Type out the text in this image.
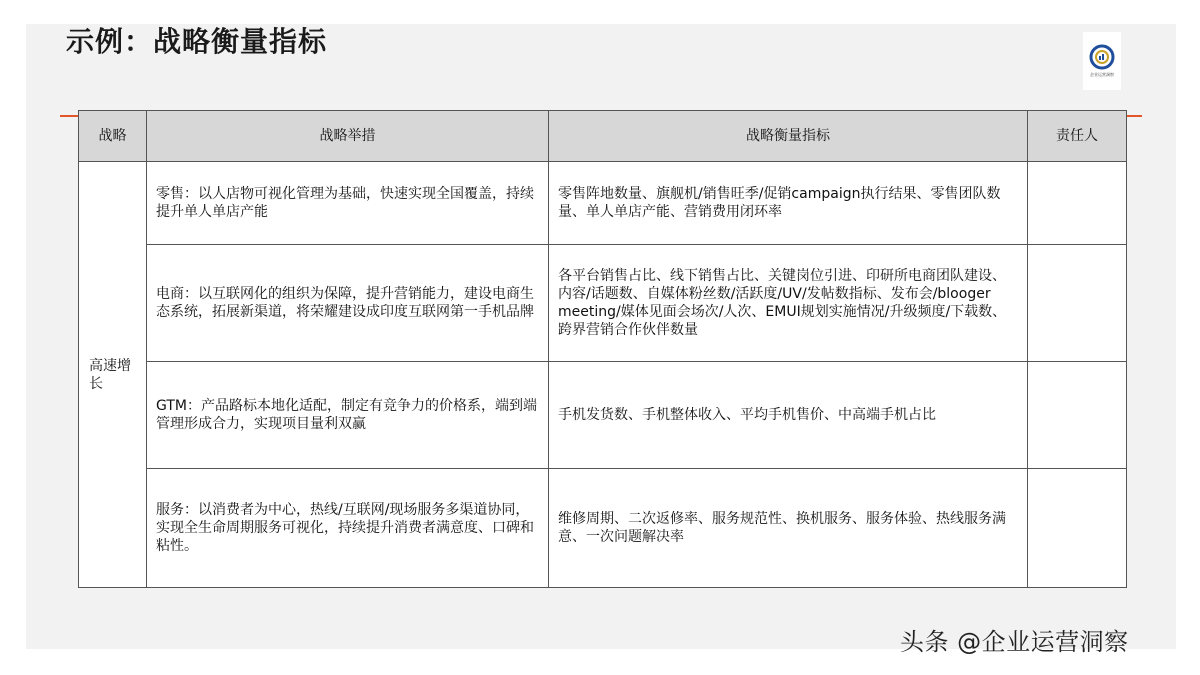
示例：战略衡量指标
企业运营洞察
战略	战略举措	战略衡量指标	责任人
高速增长	零售：以人店物可视化管理为基础，快速实现全国覆盖，持续提升单人单店产能	零售阵地数量、旗舰机/销售旺季/促销campaign执行结果、零售团队数量、单人单店产能、营销费用闭环率	
	电商：以互联网化的组织为保障，提升营销能力，建设电商生态系统，拓展新渠道，将荣耀建设成印度互联网第一手机品牌	各平台销售占比、线下销售占比、关键岗位引进、印研所电商团队建设、内容/话题数、自媒体粉丝数/活跃度/UV/发帖数指标、发布会/blooger meeting/媒体见面会场次/人次、EMUI规划实施情况/升级频度/下载数、跨界营销合作伙伴数量	
	GTM：产品路标本地化适配，制定有竞争力的价格系，端到端管理形成合力，实现项目量利双赢	手机发货数、手机整体收入、平均手机售价、中高端手机占比	
	服务：以消费者为中心，热线/互联网/现场服务多渠道协同，实现全生命周期服务可视化，持续提升消费者满意度、口碑和粘性。	维修周期、二次返修率、服务规范性、换机服务、服务体验、热线服务满意、一次问题解决率	
头条 @企业运营洞察
